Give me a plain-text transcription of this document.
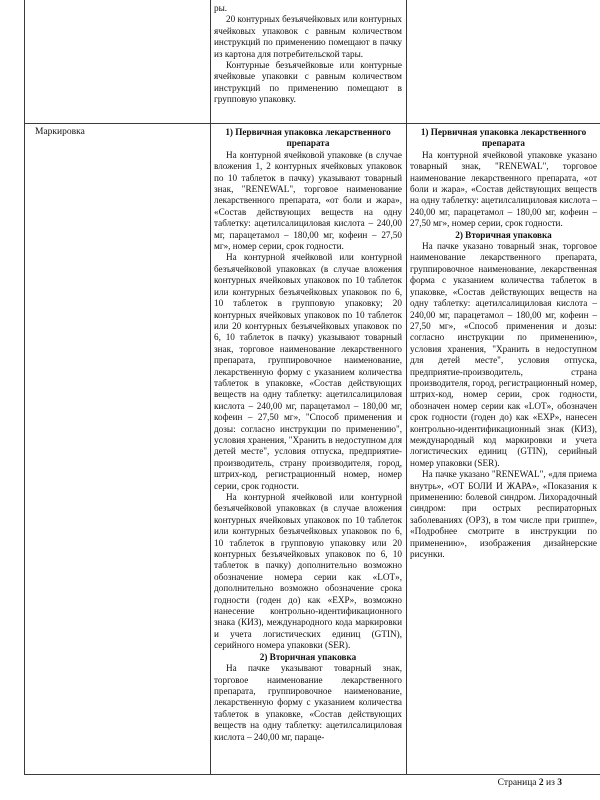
ры.

20 контурных безъячейковых или контурных ячейковых упаковок с равным количеством инструкций по применению помещают в пачку из картона для потребительской тары.

Контурные безъячейковые или контурные ячейковые упаковки с равным количеством инструкций по применению помещают в групповую упаковку.

Маркировка	1) Первичная упаковка лекарственного препарата

На контурной ячейковой упаковке (в случае вложения 1, 2 контурных ячейковых упаковок по 10 таблеток в пачку) указывают товарный знак, "RENEWAL", торговое наименование лекарственного препарата, «от боли и жара», «Состав действующих веществ на одну таблетку: ацетилсалициловая кислота – 240,00 мг, парацетамол – 180,00 мг, кофеин – 27,50 мг», номер серии, срок годности.

На контурной ячейковой или контурной безъячейковой упаковках (в случае вложения контурных ячейковых упаковок по 10 таблеток или контурных безъячейковых упаковок по 6, 10 таблеток в групповую упаковку; 20 контурных ячейковых упаковок по 10 таблеток или 20 контурных безъячейковых упаковок по 6, 10 таблеток в пачку) указывают товарный знак, торговое наименование лекарственного препарата, группировочное наименование, лекарственную форму с указанием количества таблеток в упаковке, «Состав действующих веществ на одну таблетку: ацетилсалициловая кислота – 240,00 мг, парацетамол – 180,00 мг, кофеин – 27,50 мг», "Способ применения и дозы: согласно инструкции по применению", условия хранения, "Хранить в недоступном для детей месте", условия отпуска, предприятие-производитель, страну производителя, город, штрих-код, регистрационный номер, номер серии, срок годности.

На контурной ячейковой или контурной безъячейковой упаковках (в случае вложения контурных ячейковых упаковок по 10 таблеток или контурных безъячейковых упаковок по 6, 10 таблеток в групповую упаковку или 20 контурных безъячейковых упаковок по 6, 10 таблеток в пачку) дополнительно возможно обозначение номера серии как «LOT», дополнительно возможно обозначение срока годности (годен до) как «EXP», возможно нанесение контрольно-идентификационного знака (КИЗ), международного кода маркировки и учета логистических единиц (GTIN), серийного номера упаковки (SER).

2) Вторичная упаковка

На пачке указывают товарный знак, торговое наименование лекарственного препарата, группировочное наименование, лекарственную форму с указанием количества таблеток в упаковке, «Состав действующих веществ на одну таблетку: ацетилсалициловая кислота – 240,00 мг, параце-

1) Первичная упаковка лекарственного препарата

На контурной ячейковой упаковке указано товарный знак, "RENEWAL", торговое наименование лекарственного препарата, «от боли и жара», «Состав действующих веществ на одну таблетку: ацетилсалициловая кислота – 240,00 мг, парацетамол – 180,00 мг, кофеин – 27,50 мг», номер серии, срок годности.

2) Вторичная упаковка

На пачке указано товарный знак, торговое наименование лекарственного препарата, группировочное наименование, лекарственная форма с указанием количества таблеток в упаковке, «Состав действующих веществ на одну таблетку: ацетилсалициловая кислота – 240,00 мг, парацетамол – 180,00 мг, кофеин – 27,50 мг», «Способ применения и дозы: согласно инструкции по применению», условия хранения, "Хранить в недоступном для детей месте", условия отпуска, предприятие-производитель, страна производителя, город, регистрационный номер, штрих-код, номер серии, срок годности, обозначен номер серии как «LOT», обозначен срок годности (годен до) как «EXP», нанесен контрольно-идентификационный знак (КИЗ), международный код маркировки и учета логистических единиц (GTIN), серийный номер упаковки (SER).

На пачке указано "RENEWAL", «для приема внутрь», «ОТ БОЛИ И ЖАРА», «Показания к применению: болевой синдром. Лихорадочный синдром: при острых респираторных заболеваниях (ОРЗ), в том числе при гриппе», «Подробнее смотрите в инструкции по применению», изображения дизайнерские рисунки.

Страница 2 из 3
